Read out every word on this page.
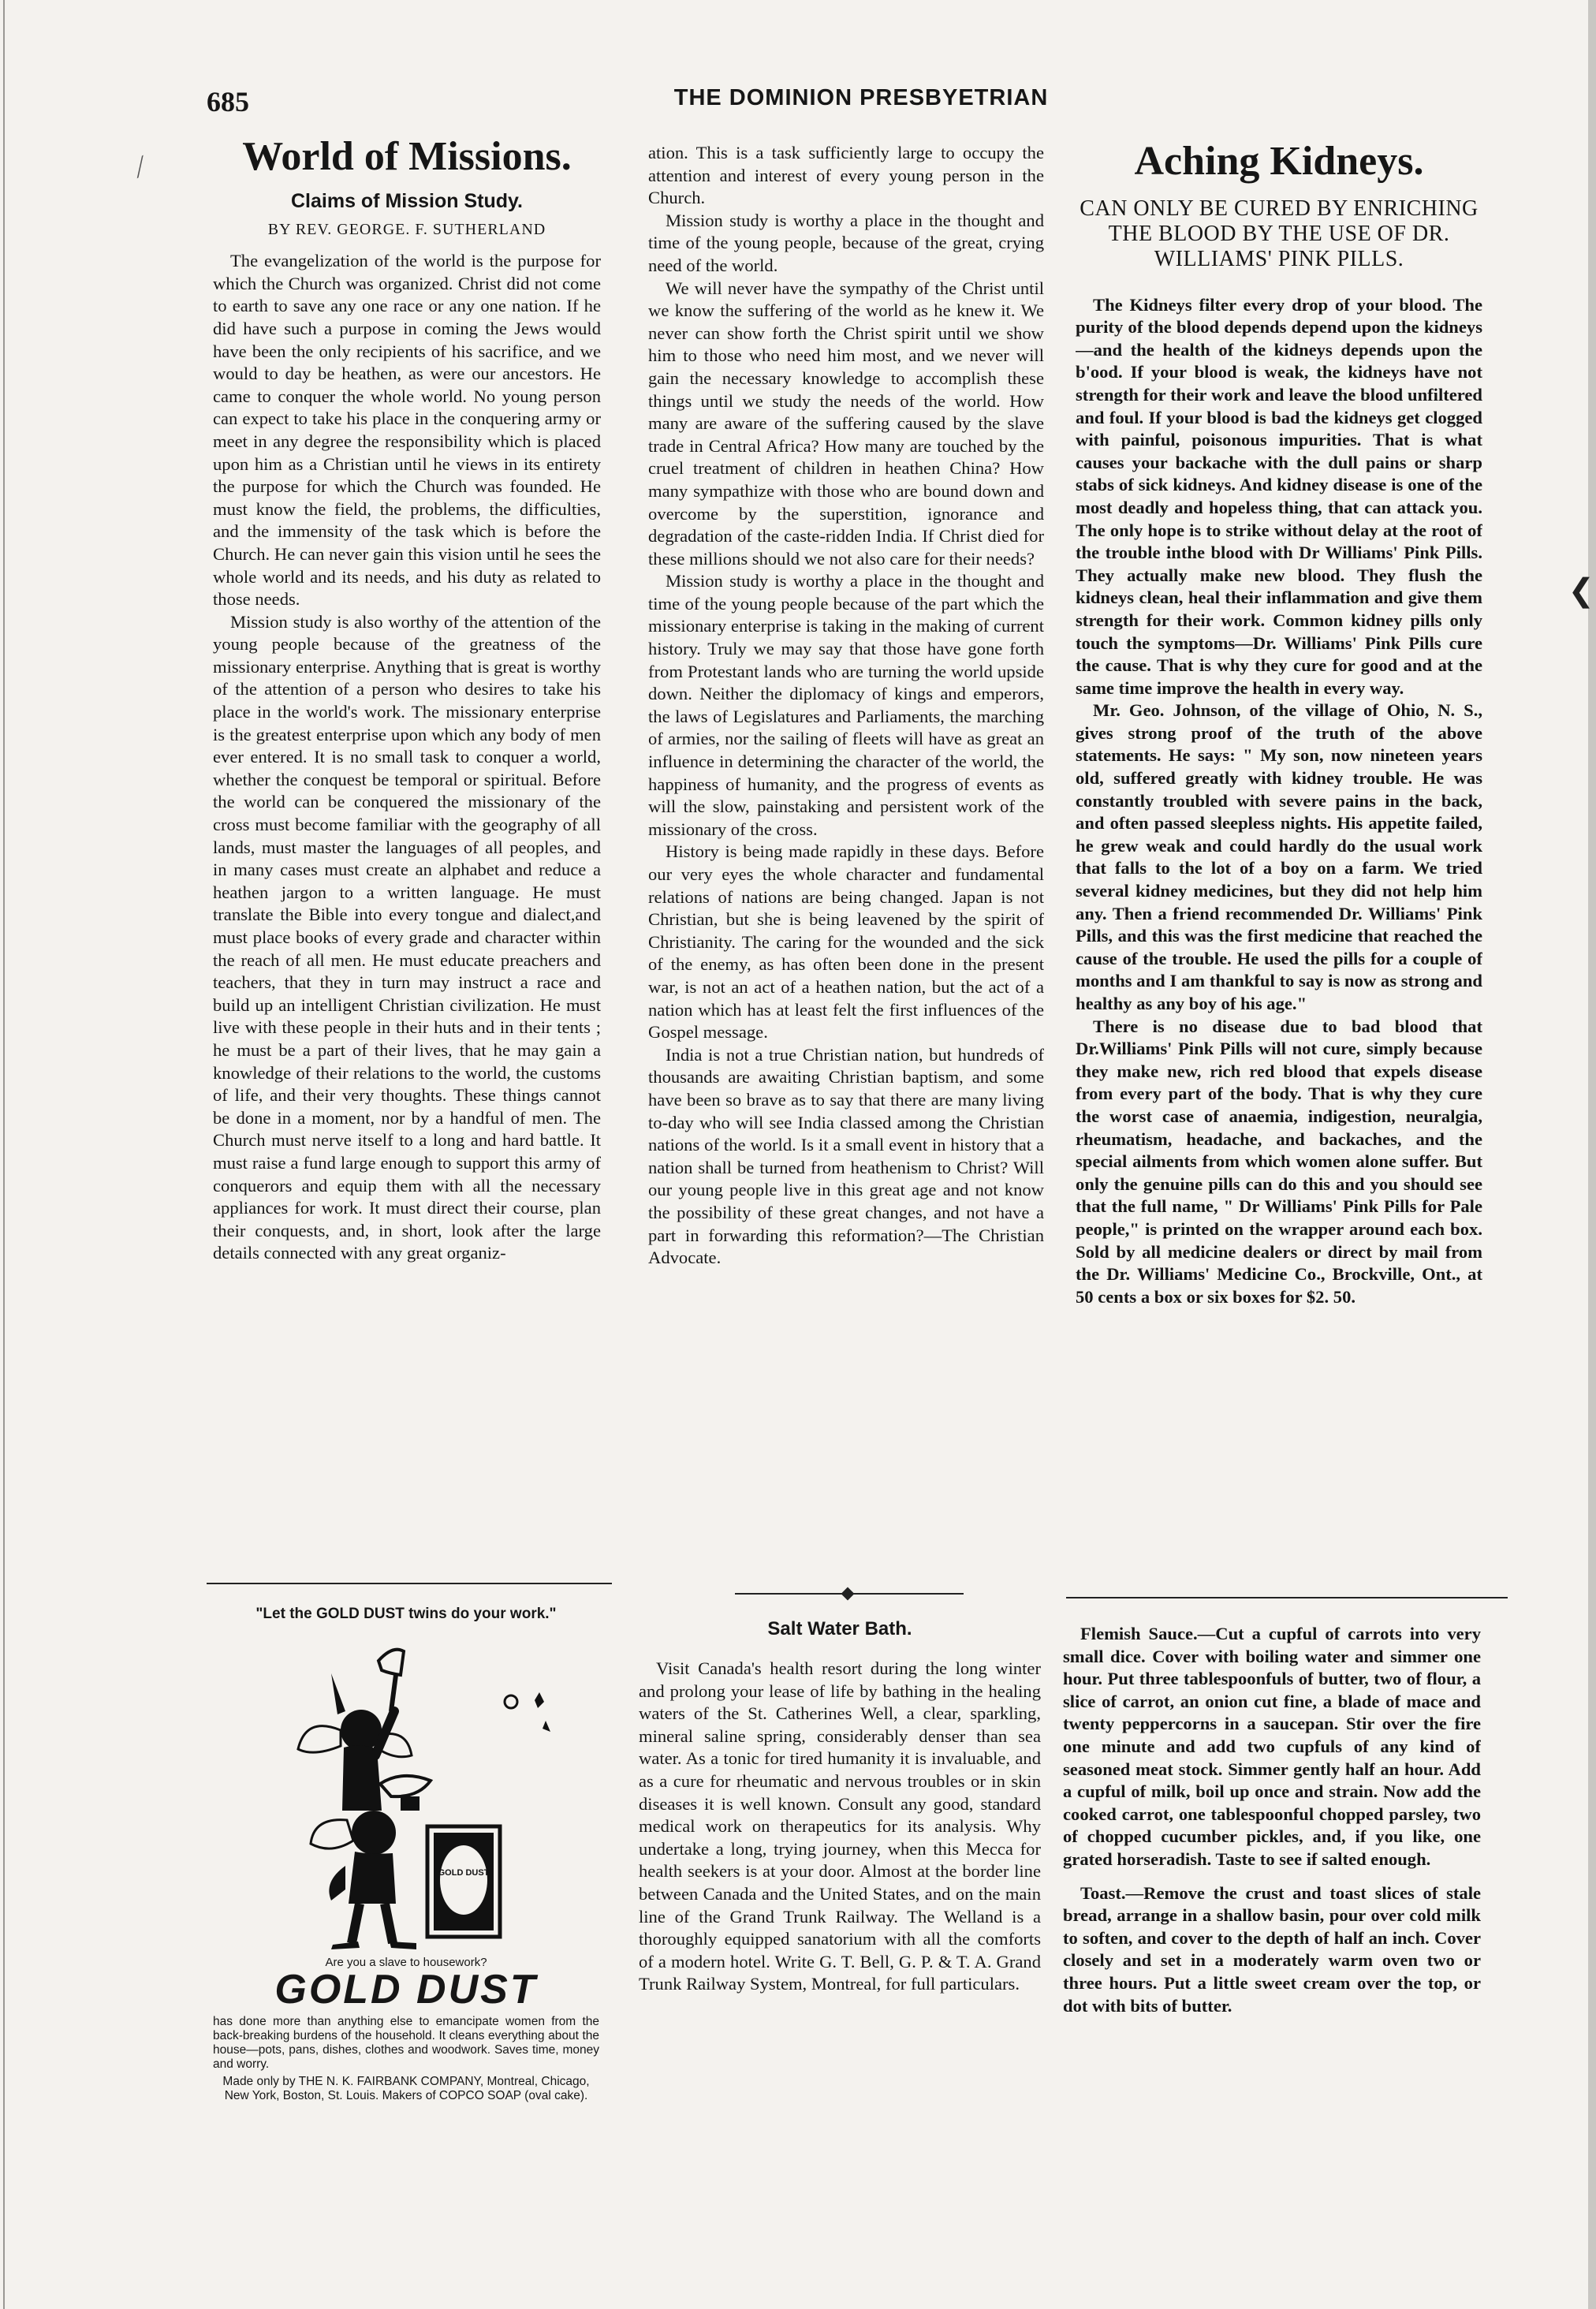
❮
⟋
685	THE DOMINION PRESBYETRIAN
World of Missions.
Claims of Mission Study.
BY REV. GEORGE. F. SUTHERLAND

The evangelization of the world is the purpose for which the Church was organized. Christ did not come to earth to save any one race or any one nation. If he did have such a purpose in coming the Jews would have been the only recipients of his sacrifice, and we would to day be heathen, as were our ancestors. He came to conquer the whole world. No young person can expect to take his place in the conquering army or meet in any degree the responsibility which is placed upon him as a Christian until he views in its entirety the purpose for which the Church was founded. He must know the field, the problems, the difficulties, and the immensity of the task which is before the Church. He can never gain this vision until he sees the whole world and its needs, and his duty as related to those needs.

Mission study is also worthy of the attention of the young people because of the greatness of the missionary enterprise. Anything that is great is worthy of the attention of a person who desires to take his place in the world's work. The missionary enterprise is the greatest enterprise upon which any body of men ever entered. It is no small task to conquer a world, whether the conquest be temporal or spiritual. Before the world can be conquered the missionary of the cross must become familiar with the geography of all lands, must master the languages of all peoples, and in many cases must create an alphabet and reduce a heathen jargon to a written language. He must translate the Bible into every tongue and dialect,and must place books of every grade and character within the reach of all men. He must educate preachers and teachers, that they in turn may instruct a race and build up an intelligent Christian civilization. He must live with these people in their huts and in their tents ; he must be a part of their lives, that he may gain a knowledge of their relations to the world, the customs of life, and their very thoughts. These things cannot be done in a moment, nor by a handful of men. The Church must nerve itself to a long and hard battle. It must raise a fund large enough to support this army of conquerors and equip them with all the necessary appliances for work. It must direct their course, plan their conquests, and, in short, look after the large details connected with any great organiz-

ation. This is a task sufficiently large to occupy the attention and interest of every young person in the Church.

Mission study is worthy a place in the thought and time of the young people, because of the great, crying need of the world.

We will never have the sympathy of the Christ until we know the suffering of the world as he knew it. We never can show forth the Christ spirit until we show him to those who need him most, and we never will gain the necessary knowledge to accomplish these things until we study the needs of the world. How many are aware of the suffering caused by the slave trade in Central Africa? How many are touched by the cruel treatment of children in heathen China? How many sympathize with those who are bound down and overcome by the superstition, ignorance and degradation of the caste-ridden India. If Christ died for these millions should we not also care for their needs?

Mission study is worthy a place in the thought and time of the young people because of the part which the missionary enterprise is taking in the making of current history. Truly we may say that those have gone forth from Protestant lands who are turning the world upside down. Neither the diplomacy of kings and emperors, the laws of Legislatures and Parliaments, the marching of armies, nor the sailing of fleets will have as great an influence in determining the character of the world, the happiness of humanity, and the progress of events as will the slow, painstaking and persistent work of the missionary of the cross.

History is being made rapidly in these days. Before our very eyes the whole character and fundamental relations of nations are being changed. Japan is not Christian, but she is being leavened by the spirit of Christianity. The caring for the wounded and the sick of the enemy, as has often been done in the present war, is not an act of a heathen nation, but the act of a nation which has at least felt the first influences of the Gospel message.

India is not a true Christian nation, but hundreds of thousands are awaiting Christian baptism, and some have been so brave as to say that there are many living to-day who will see India classed among the Christian nations of the world. Is it a small event in history that a nation shall be turned from heathenism to Christ? Will our young people live in this great age and not know the possibility of these great changes, and not have a part in forwarding this reformation?—The Christian Advocate.

Aching Kidneys.
CAN ONLY BE CURED BY ENRICHING THE BLOOD BY THE USE OF DR. WILLIAMS' PINK PILLS.

The Kidneys filter every drop of your blood. The purity of the blood depends depend upon the kidneys—and the health of the kidneys depends upon the b'ood. If your blood is weak, the kidneys have not strength for their work and leave the blood unfiltered and foul. If your blood is bad the kidneys get clogged with painful, poisonous impurities. That is what causes your backache with the dull pains or sharp stabs of sick kidneys. And kidney disease is one of the most deadly and hopeless thing, that can attack you. The only hope is to strike without delay at the root of the trouble inthe blood with Dr Williams' Pink Pills. They actually make new blood. They flush the kidneys clean, heal their inflammation and give them strength for their work. Common kidney pills only touch the symptoms—Dr. Williams' Pink Pills cure the cause. That is why they cure for good and at the same time improve the health in every way.

Mr. Geo. Johnson, of the village of Ohio, N. S., gives strong proof of the truth of the above statements. He says: " My son, now nineteen years old, suffered greatly with kidney trouble. He was constantly troubled with severe pains in the back, and often passed sleepless nights. His appetite failed, he grew weak and could hardly do the usual work that falls to the lot of a boy on a farm. We tried several kidney medicines, but they did not help him any. Then a friend recommended Dr. Williams' Pink Pills, and this was the first medicine that reached the cause of the trouble. He used the pills for a couple of months and I am thankful to say is now as strong and healthy as any boy of his age."

There is no disease due to bad blood that Dr.Williams' Pink Pills will not cure, simply because they make new, rich red blood that expels disease from every part of the body. That is why they cure the worst case of anaemia, indigestion, neuralgia, rheumatism, headache, and backaches, and the special ailments from which women alone suffer. But only the genuine pills can do this and you should see that the full name, " Dr Williams' Pink Pills for Pale people," is printed on the wrapper around each box. Sold by all medicine dealers or direct by mail from the Dr. Williams' Medicine Co., Brockville, Ont., at 50 cents a box or six boxes for $2. 50.

"Let the GOLD DUST twins do your work."
GOLD DUST
Are you a slave to housework?
GOLD DUST
has done more than anything else to emancipate women from the back-breaking burdens of the household. It cleans everything about the house—pots, pans, dishes, clothes and woodwork. Saves time, money and worry.
Made only by THE N. K. FAIRBANK COMPANY, Montreal, Chicago, New York, Boston, St. Louis. Makers of COPCO SOAP (oval cake).
Salt Water Bath.

Visit Canada's health resort during the long winter and prolong your lease of life by bathing in the healing waters of the St. Catherines Well, a clear, sparkling, mineral saline spring, considerably denser than sea water. As a tonic for tired humanity it is invaluable, and as a cure for rheumatic and nervous troubles or in skin diseases it is well known. Consult any good, standard medical work on therapeutics for its analysis. Why undertake a long, trying journey, when this Mecca for health seekers is at your door. Almost at the border line between Canada and the United States, and on the main line of the Grand Trunk Railway. The Welland is a thoroughly equipped sanatorium with all the comforts of a modern hotel. Write G. T. Bell, G. P. & T. A. Grand Trunk Railway System, Montreal, for full particulars.

Flemish Sauce.—Cut a cupful of carrots into very small dice. Cover with boiling water and simmer one hour. Put three tablespoonfuls of butter, two of flour, a slice of carrot, an onion cut fine, a blade of mace and twenty peppercorns in a saucepan. Stir over the fire one minute and add two cupfuls of any kind of seasoned meat stock. Simmer gently half an hour. Add a cupful of milk, boil up once and strain. Now add the cooked carrot, one tablespoonful chopped parsley, two of chopped cucumber pickles, and, if you like, one grated horseradish. Taste to see if salted enough.

Toast.—Remove the crust and toast slices of stale bread, arrange in a shallow basin, pour over cold milk to soften, and cover to the depth of half an inch. Cover closely and set in a moderately warm oven two or three hours. Put a little sweet cream over the top, or dot with bits of butter.
